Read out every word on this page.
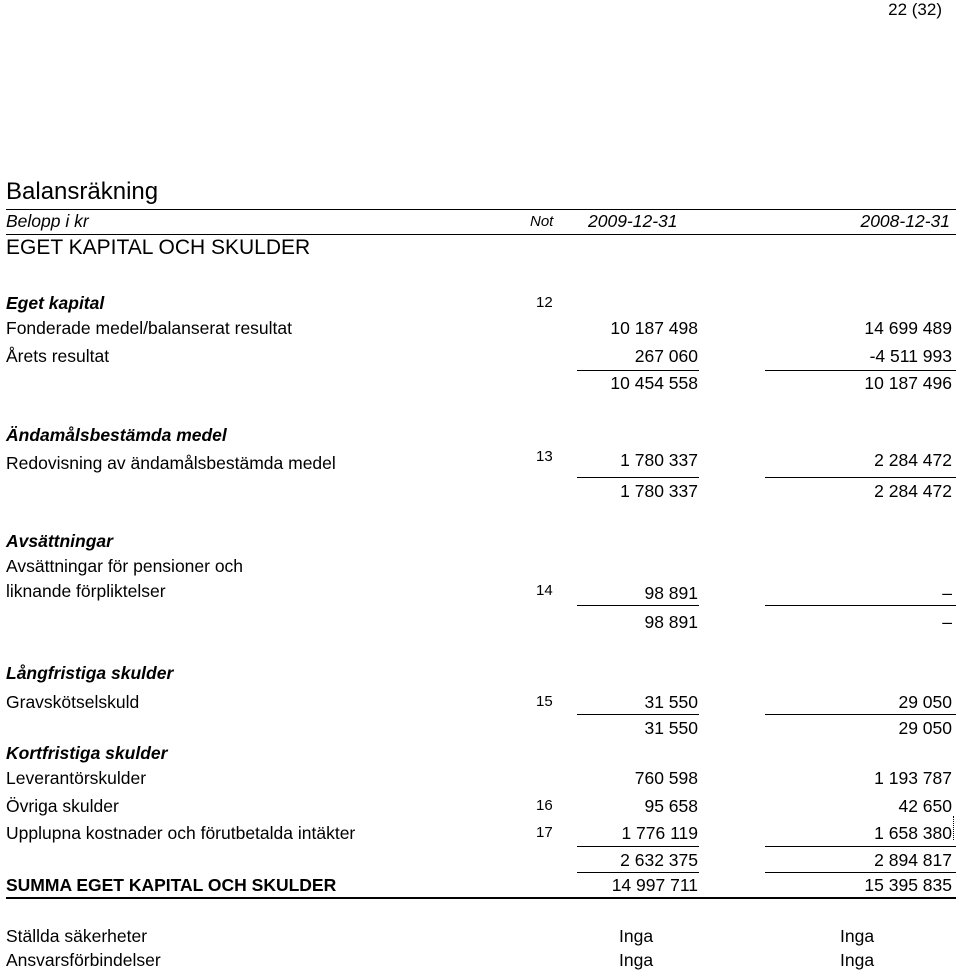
22 (32)
Balansräkning
Belopp i kr	Not 2009-12-31	2008-12-31
EGET KAPITAL OCH SKULDER
Eget kapital	12
Fonderade medel/balanserat resultat	10 187 498	14 699 489
Årets resultat	267 060	-4 511 993
10 454 558	10 187 496
Ändamålsbestämda medel
Redovisning av ändamålsbestämda medel	13	1 780 337	2 284 472
1 780 337	2 284 472
Avsättningar
Avsättningar för pensioner och
liknande förpliktelser	14	98 891	–
98 891	–
Långfristiga skulder
Gravskötselskuld	15	31 550	29 050
31 550	29 050
Kortfristiga skulder
Leverantörskulder	760 598	1 193 787
Övriga skulder	16	95 658	42 650
Upplupna kostnader och förutbetalda intäkter	17	1 776 119	1 658 380
2 632 375	2 894 817
SUMMA EGET KAPITAL OCH SKULDER	14 997 711	15 395 835
Ställda säkerheter	Inga	Inga
Ansvarsförbindelser	Inga	Inga
